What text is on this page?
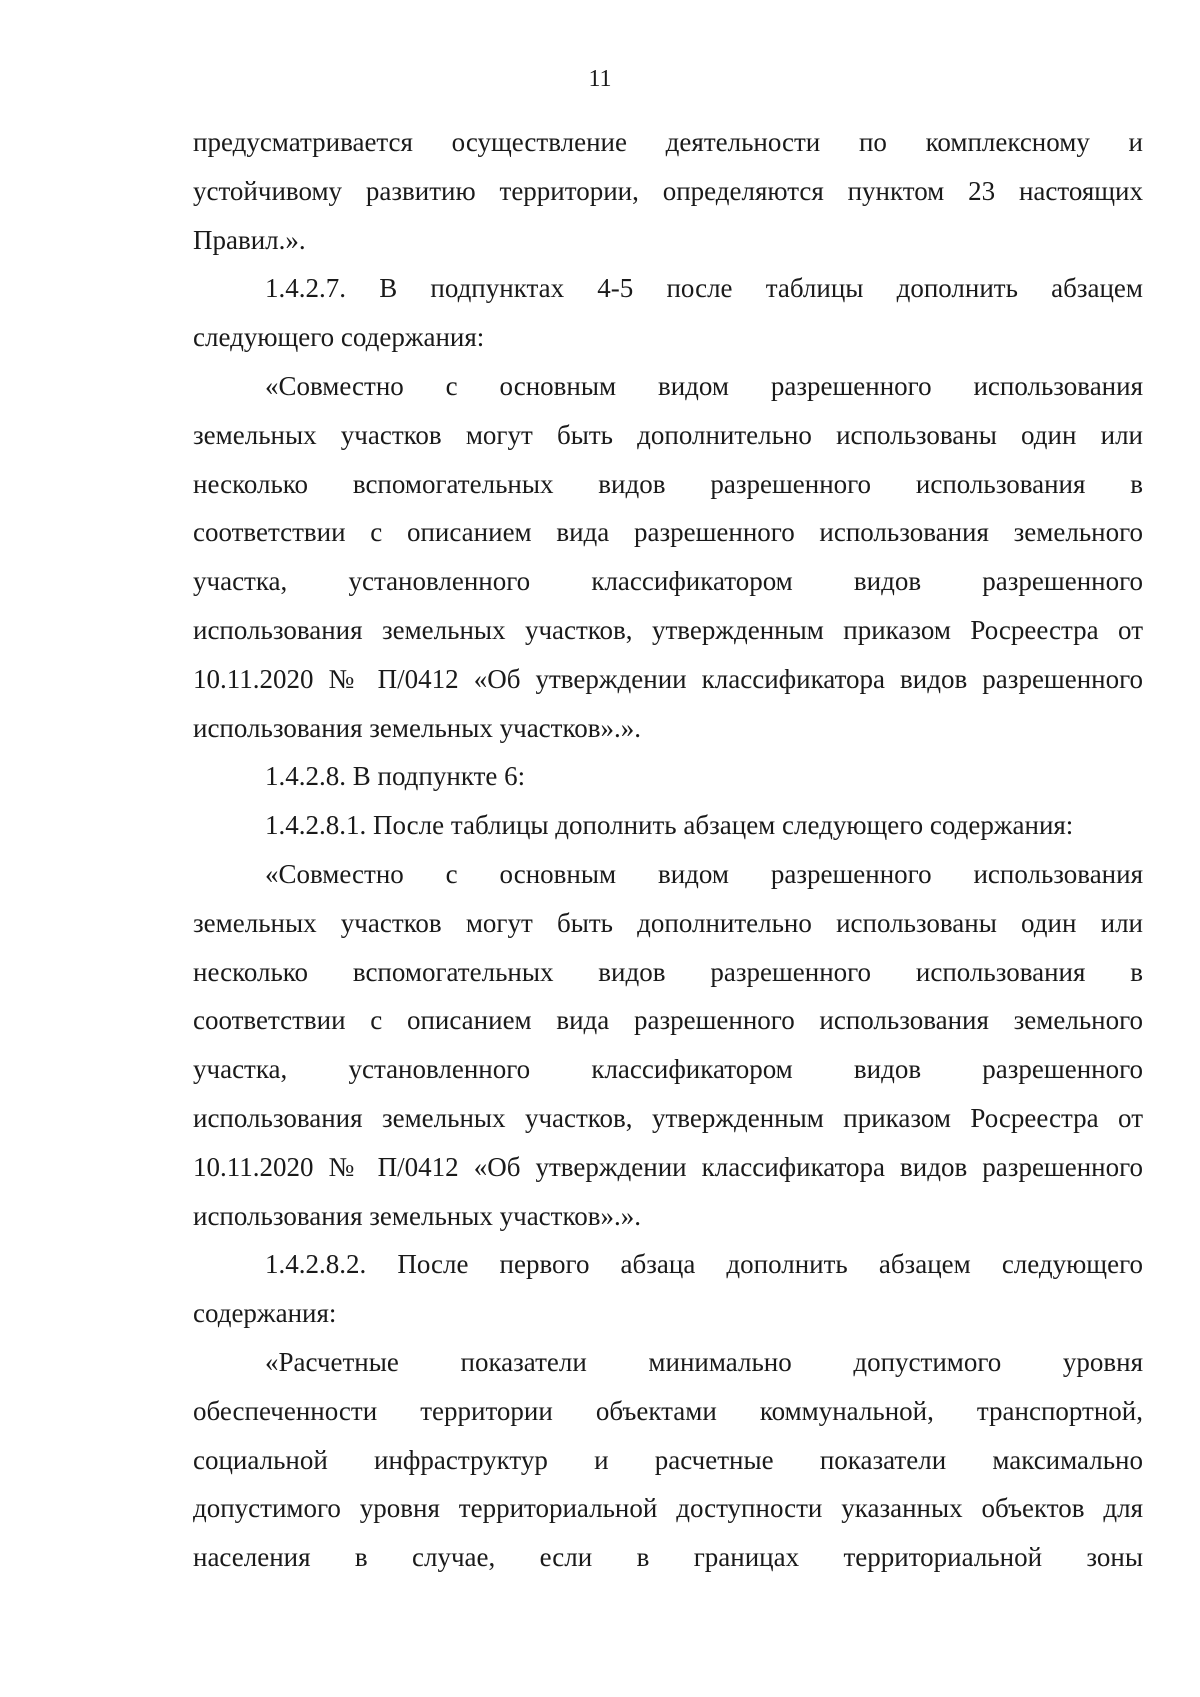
11
предусматривается осуществление деятельности по комплексному и
устойчивому развитию территории, определяются пунктом 23 настоящих
Правил.».
1.4.2.7. В подпунктах 4-5 после таблицы дополнить абзацем
следующего содержания:
«Совместно с основным видом разрешенного использования
земельных участков могут быть дополнительно использованы один или
несколько вспомогательных видов разрешенного использования в
соответствии с описанием вида разрешенного использования земельного
участка, установленного классификатором видов разрешенного
использования земельных участков, утвержденным приказом Росреестра от
10.11.2020 № П/0412 «Об утверждении классификатора видов разрешенного
использования земельных участков».».
1.4.2.8. В подпункте 6:
1.4.2.8.1. После таблицы дополнить абзацем следующего содержания:
«Совместно с основным видом разрешенного использования
земельных участков могут быть дополнительно использованы один или
несколько вспомогательных видов разрешенного использования в
соответствии с описанием вида разрешенного использования земельного
участка, установленного классификатором видов разрешенного
использования земельных участков, утвержденным приказом Росреестра от
10.11.2020 № П/0412 «Об утверждении классификатора видов разрешенного
использования земельных участков».».
1.4.2.8.2. После первого абзаца дополнить абзацем следующего
содержания:
«Расчетные показатели минимально допустимого уровня
обеспеченности территории объектами коммунальной, транспортной,
социальной инфраструктур и расчетные показатели максимально
допустимого уровня территориальной доступности указанных объектов для
населения в случае, если в границах территориальной зоны
